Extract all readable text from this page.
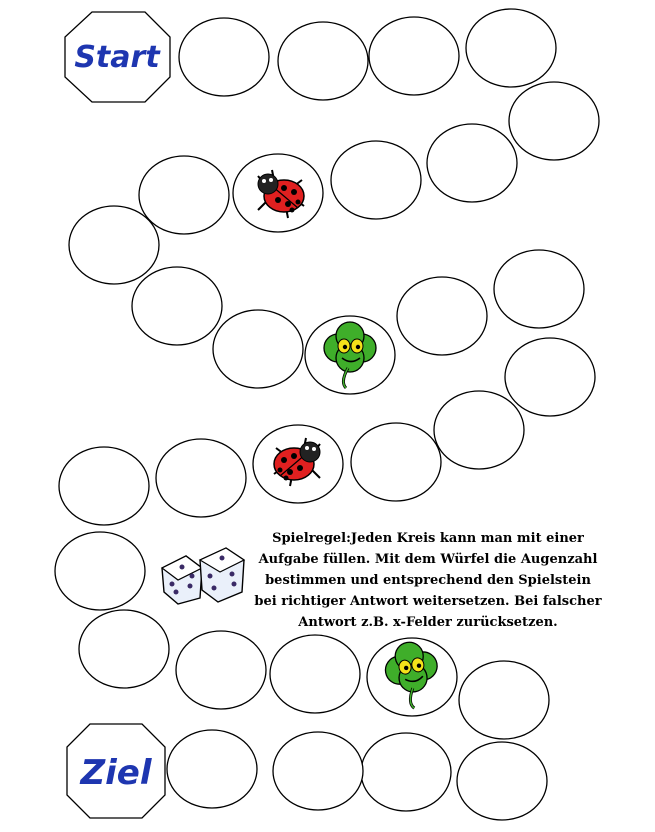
Start
Ziel
Spielregel:Jeden Kreis kann man mit einer Aufgabe füllen. Mit dem Würfel die Augenzahl bestimmen und entsprechend den Spielstein bei richtiger Antwort weitersetzen. Bei falscher Antwort z.B. x-Felder zurücksetzen.
